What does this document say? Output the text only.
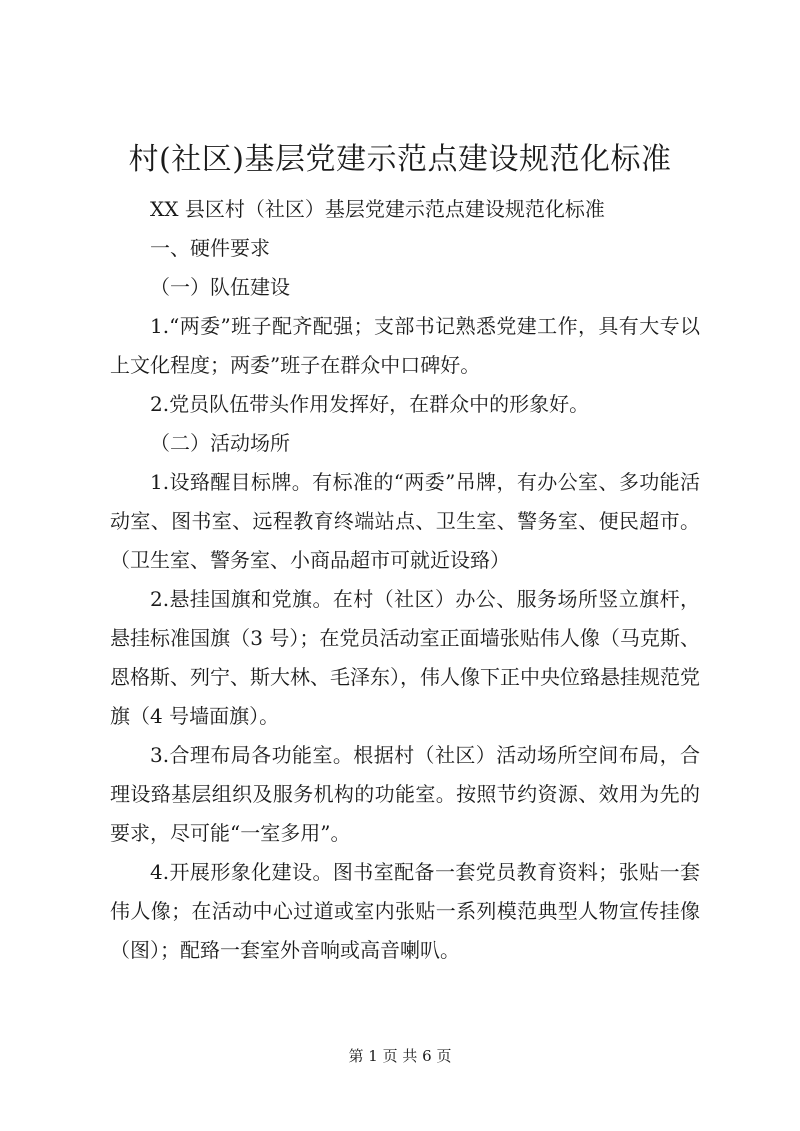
村(社区)基层党建示范点建设规范化标准

XX 县区村（社区）基层党建示范点建设规范化标准

一、硬件要求

（一）队伍建设

1.“两委”班子配齐配强；支部书记熟悉党建工作，具有大专以上文化程度；两委”班子在群众中口碑好。

2.党员队伍带头作用发挥好，在群众中的形象好。

（二）活动场所

1.设臵醒目标牌。有标准的“两委”吊牌，有办公室、多功能活动室、图书室、远程教育终端站点、卫生室、警务室、便民超市。（卫生室、警务室、小商品超市可就近设臵）

2.悬挂国旗和党旗。在村（社区）办公、服务场所竖立旗杆，悬挂标准国旗（3 号）；在党员活动室正面墙张贴伟人像（马克斯、恩格斯、列宁、斯大林、毛泽东），伟人像下正中央位臵悬挂规范党旗（4 号墙面旗）。

3.合理布局各功能室。根据村（社区）活动场所空间布局，合理设臵基层组织及服务机构的功能室。按照节约资源、效用为先的要求，尽可能“一室多用”。

4.开展形象化建设。图书室配备一套党员教育资料；张贴一套伟人像；在活动中心过道或室内张贴一系列模范典型人物宣传挂像（图）；配臵一套室外音响或高音喇叭。

第 1 页 共 6 页
